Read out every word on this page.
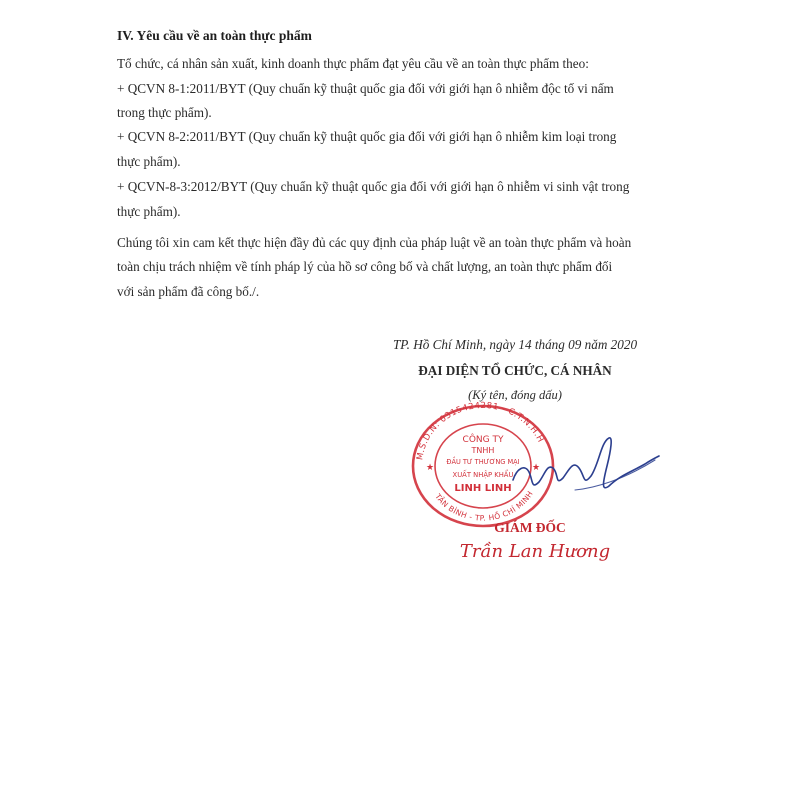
IV. Yêu cầu về an toàn thực phẩm
Tổ chức, cá nhân sản xuất, kinh doanh thực phẩm đạt yêu cầu về an toàn thực phẩm theo:
+ QCVN 8-1:2011/BYT (Quy chuẩn kỹ thuật quốc gia đối với giới hạn ô nhiễm độc tố vi nấm
trong thực phẩm).
+ QCVN 8-2:2011/BYT (Quy chuẩn kỹ thuật quốc gia đối với giới hạn ô nhiễm kim loại trong
thực phẩm).
+ QCVN-8-3:2012/BYT (Quy chuẩn kỹ thuật quốc gia đối với giới hạn ô nhiễm vi sinh vật trong
thực phẩm).
Chúng tôi xin cam kết thực hiện đầy đủ các quy định của pháp luật về an toàn thực phẩm và hoàn
toàn chịu trách nhiệm về tính pháp lý của hồ sơ công bố và chất lượng, an toàn thực phẩm đối
với sản phẩm đã công bố./.
TP. Hồ Chí Minh, ngày 14 tháng 09 năm 2020
ĐẠI DIỆN TỔ CHỨC, CÁ NHÂN
(Ký tên, đóng dấu)
M.S.D.N: 0315424281 - C.T.N.H.H
TÂN BÌNH - TP. HỒ CHÍ MINH
CÔNG TY
TNHH
ĐẦU TƯ THƯƠNG MẠI
XUẤT NHẬP KHẨU
LINH LINH
★	★
GIÁM ĐỐC
Trần Lan Hương
